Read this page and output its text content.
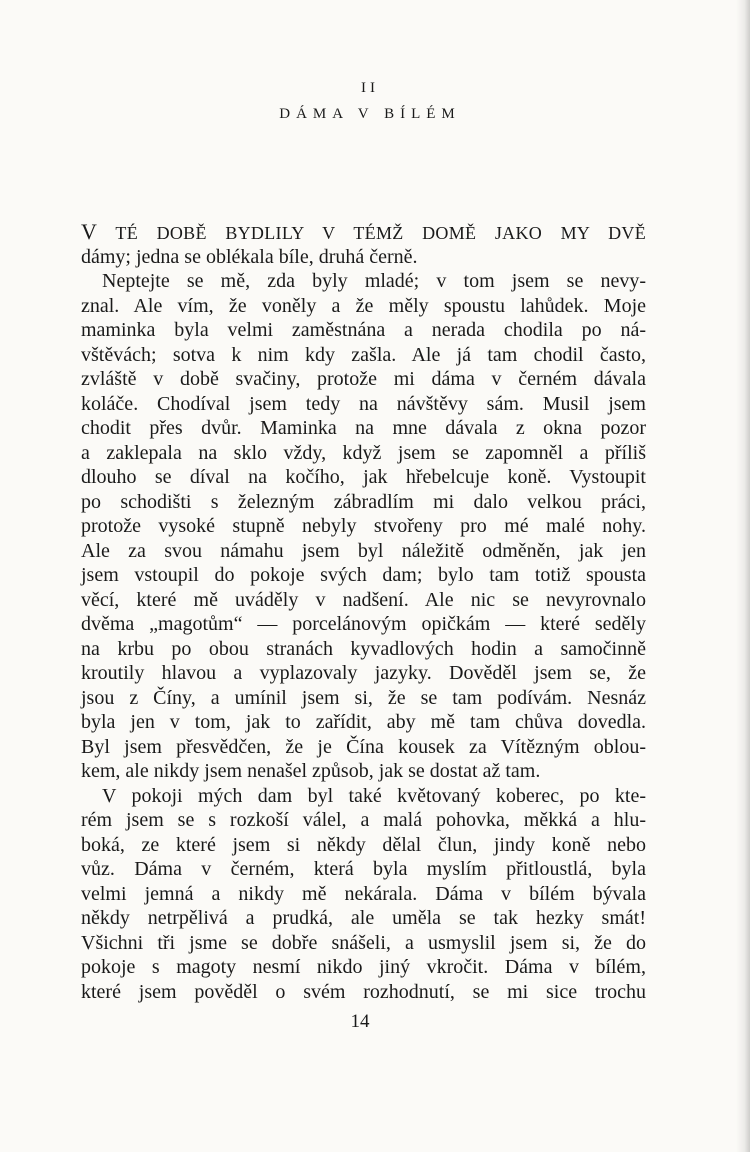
II
DÁMA V BÍLÉM
V TÉ DOBĚ BYDLILY V TÉMŽ DOMĚ JAKO MY DVĚ
dámy; jedna se oblékala bíle, druhá černě.
Neptejte se mě, zda byly mladé; v tom jsem se nevy-
znal. Ale vím, že voněly a že měly spoustu lahůdek. Moje
maminka byla velmi zaměstnána a nerada chodila po ná-
vštěvách; sotva k nim kdy zašla. Ale já tam chodil často,
zvláště v době svačiny, protože mi dáma v černém dávala
koláče. Chodíval jsem tedy na návštěvy sám. Musil jsem
chodit přes dvůr. Maminka na mne dávala z okna pozor
a zaklepala na sklo vždy, když jsem se zapomněl a příliš
dlouho se díval na kočího, jak hřebelcuje koně. Vystoupit
po schodišti s železným zábradlím mi dalo velkou práci,
protože vysoké stupně nebyly stvořeny pro mé malé nohy.
Ale za svou námahu jsem byl náležitě odměněn, jak jen
jsem vstoupil do pokoje svých dam; bylo tam totiž spousta
věcí, které mě uváděly v nadšení. Ale nic se nevyrovnalo
dvěma „magotům“ — porcelánovým opičkám — které seděly
na krbu po obou stranách kyvadlových hodin a samočinně
kroutily hlavou a vyplazovaly jazyky. Dověděl jsem se, že
jsou z Číny, a umínil jsem si, že se tam podívám. Nesnáz
byla jen v tom, jak to zařídit, aby mě tam chůva dovedla.
Byl jsem přesvědčen, že je Čína kousek za Vítězným oblou-
kem, ale nikdy jsem nenašel způsob, jak se dostat až tam.
V pokoji mých dam byl také květovaný koberec, po kte-
rém jsem se s rozkoší válel, a malá pohovka, měkká a hlu-
boká, ze které jsem si někdy dělal člun, jindy koně nebo
vůz. Dáma v černém, která byla myslím přitloustlá, byla
velmi jemná a nikdy mě nekárala. Dáma v bílém bývala
někdy netrpělivá a prudká, ale uměla se tak hezky smát!
Všichni tři jsme se dobře snášeli, a usmyslil jsem si, že do
pokoje s magoty nesmí nikdo jiný vkročit. Dáma v bílém,
které jsem pověděl o svém rozhodnutí, se mi sice trochu
14
